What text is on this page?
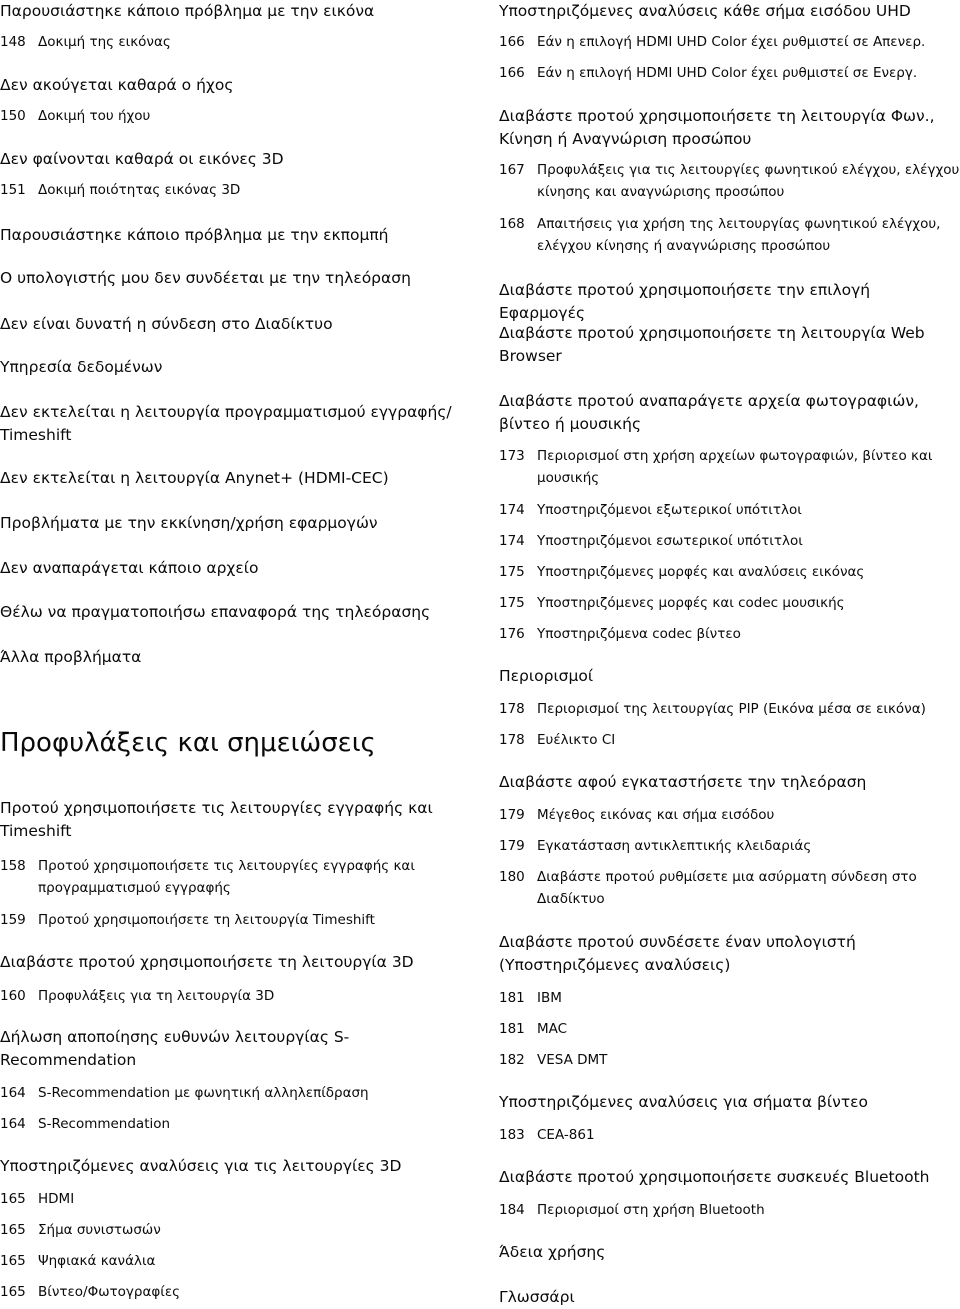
Παρουσιάστηκε κάποιο πρόβλημα με την εικόνα
148 Δοκιμή της εικόνας
Δεν ακούγεται καθαρά ο ήχος
150 Δοκιμή του ήχου
Δεν φαίνονται καθαρά οι εικόνες 3D
151 Δοκιμή ποιότητας εικόνας 3D
Παρουσιάστηκε κάποιο πρόβλημα με την εκπομπή
Ο υπολογιστής μου δεν συνδέεται με την τηλεόραση
Δεν είναι δυνατή η σύνδεση στο Διαδίκτυο
Υπηρεσία δεδομένων
Δεν εκτελείται η λειτουργία προγραμματισμού εγγραφής/ Timeshift
Δεν εκτελείται η λειτουργία Anynet+ (HDMI-CEC)
Προβλήματα με την εκκίνηση/χρήση εφαρμογών
Δεν αναπαράγεται κάποιο αρχείο
Θέλω να πραγματοποιήσω επαναφορά της τηλεόρασης
Άλλα προβλήματα
Προφυλάξεις και σημειώσεις
Προτού χρησιμοποιήσετε τις λειτουργίες εγγραφής και Timeshift
158 Προτού χρησιμοποιήσετε τις λειτουργίες εγγραφής και προγραμματισμού εγγραφής
159 Προτού χρησιμοποιήσετε τη λειτουργία Timeshift
Διαβάστε προτού χρησιμοποιήσετε τη λειτουργία 3D
160 Προφυλάξεις για τη λειτουργία 3D
Δήλωση αποποίησης ευθυνών λειτουργίας S-Recommendation
164 S-Recommendation με φωνητική αλληλεπίδραση
164 S-Recommendation
Υποστηριζόμενες αναλύσεις για τις λειτουργίες 3D
165 HDMI
165 Σήμα συνιστωσών
165 Ψηφιακά κανάλια
165 Βίντεο/Φωτογραφίες
Υποστηριζόμενες αναλύσεις κάθε σήμα εισόδου UHD
166 Εάν η επιλογή HDMI UHD Color έχει ρυθμιστεί σε Απενερ.
166 Εάν η επιλογή HDMI UHD Color έχει ρυθμιστεί σε Ενεργ.
Διαβάστε προτού χρησιμοποιήσετε τη λειτουργία Φων., Κίνηση ή Αναγνώριση προσώπου
167 Προφυλάξεις για τις λειτουργίες φωνητικού ελέγχου, ελέγχου κίνησης και αναγνώρισης προσώπου
168 Απαιτήσεις για χρήση της λειτουργίας φωνητικού ελέγχου, ελέγχου κίνησης ή αναγνώρισης προσώπου
Διαβάστε προτού χρησιμοποιήσετε την επιλογή Εφαρμογές
Διαβάστε προτού χρησιμοποιήσετε τη λειτουργία Web Browser
Διαβάστε προτού αναπαράγετε αρχεία φωτογραφιών, βίντεο ή μουσικής
173 Περιορισμοί στη χρήση αρχείων φωτογραφιών, βίντεο και μουσικής
174 Υποστηριζόμενοι εξωτερικοί υπότιτλοι
174 Υποστηριζόμενοι εσωτερικοί υπότιτλοι
175 Υποστηριζόμενες μορφές και αναλύσεις εικόνας
175 Υποστηριζόμενες μορφές και codec μουσικής
176 Υποστηριζόμενα codec βίντεο
Περιορισμοί
178 Περιορισμοί της λειτουργίας PIP (Εικόνα μέσα σε εικόνα)
178 Ευέλικτο CI
Διαβάστε αφού εγκαταστήσετε την τηλεόραση
179 Μέγεθος εικόνας και σήμα εισόδου
179 Εγκατάσταση αντικλεπτικής κλειδαριάς
180 Διαβάστε προτού ρυθμίσετε μια ασύρματη σύνδεση στο Διαδίκτυο
Διαβάστε προτού συνδέσετε έναν υπολογιστή (Υποστηριζόμενες αναλύσεις)
181 IBM
181 MAC
182 VESA DMT
Υποστηριζόμενες αναλύσεις για σήματα βίντεο
183 CEA-861
Διαβάστε προτού χρησιμοποιήσετε συσκευές Bluetooth
184 Περιορισμοί στη χρήση Bluetooth
Άδεια χρήσης
Γλωσσάρι
